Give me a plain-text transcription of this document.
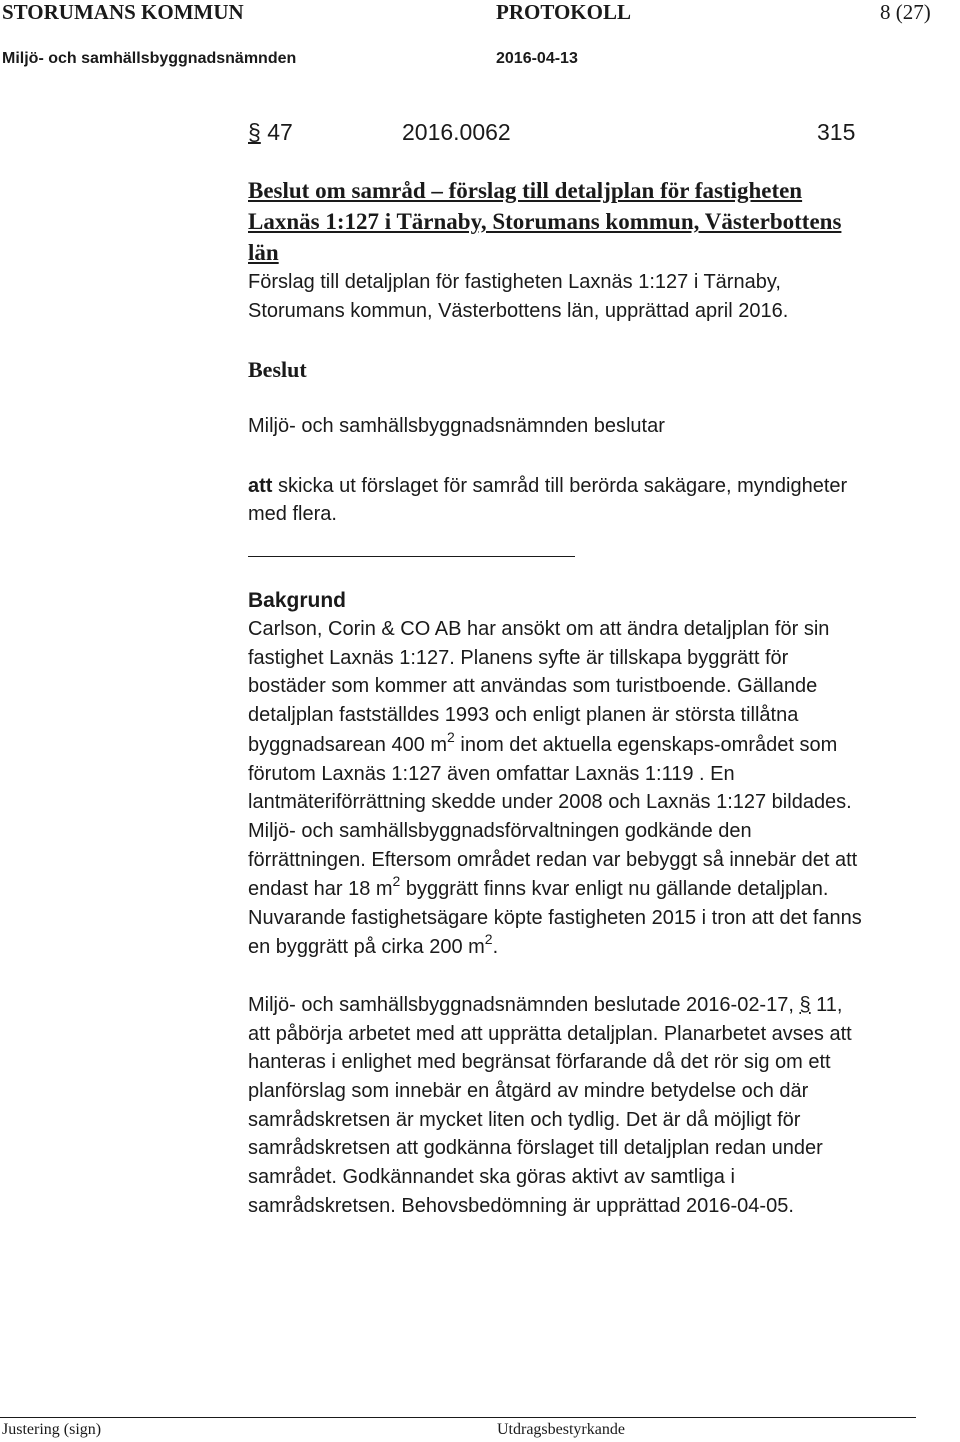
STORUMANS KOMMUN	PROTOKOLL	8 (27)
Miljö- och samhällsbyggnadsnämnden	2016-04-13
§ 47	2016.0062	315
Beslut om samråd – förslag till detaljplan för fastigheten
Laxnäs 1:127 i Tärnaby, Storumans kommun, Västerbottens
län
Förslag till detaljplan för fastigheten Laxnäs 1:127 i Tärnaby,
Storumans kommun, Västerbottens län, upprättad april 2016.
Beslut
Miljö- och samhällsbyggnadsnämnden beslutar
att skicka ut förslaget för samråd till berörda sakägare, myndigheter
med flera.
Bakgrund
Carlson, Corin & CO AB har ansökt om att ändra detaljplan för sin
fastighet Laxnäs 1:127. Planens syfte är tillskapa byggrätt för
bostäder som kommer att användas som turistboende. Gällande
detaljplan fastställdes 1993 och enligt planen är största tillåtna
byggnadsarean 400 $m^2$ inom det aktuella egenskaps-området som
förutom Laxnäs 1:127 även omfattar Laxnäs 1:119 . En
lantmäteriförrättning skedde under 2008 och Laxnäs 1:127 bildades.
Miljö- och samhällsbyggnadsförvaltningen godkände den
förrättningen. Eftersom området redan var bebyggt så innebär det att
endast har 18 $m^2$ byggrätt finns kvar enligt nu gällande detaljplan.
Nuvarande fastighetsägare köpte fastigheten 2015 i tron att det fanns
en byggrätt på cirka 200 $m^2$.
Miljö- och samhällsbyggnadsnämnden beslutade 2016-02-17, § 11,
att påbörja arbetet med att upprätta detaljplan. Planarbetet avses att
hanteras i enlighet med begränsat förfarande då det rör sig om ett
planförslag som innebär en åtgärd av mindre betydelse och där
samrådskretsen är mycket liten och tydlig. Det är då möjligt för
samrådskretsen att godkänna förslaget till detaljplan redan under
samrådet. Godkännandet ska göras aktivt av samtliga i
samrådskretsen. Behovsbedömning är upprättad 2016-04-05.
Justering (sign)	Utdragsbestyrkande
